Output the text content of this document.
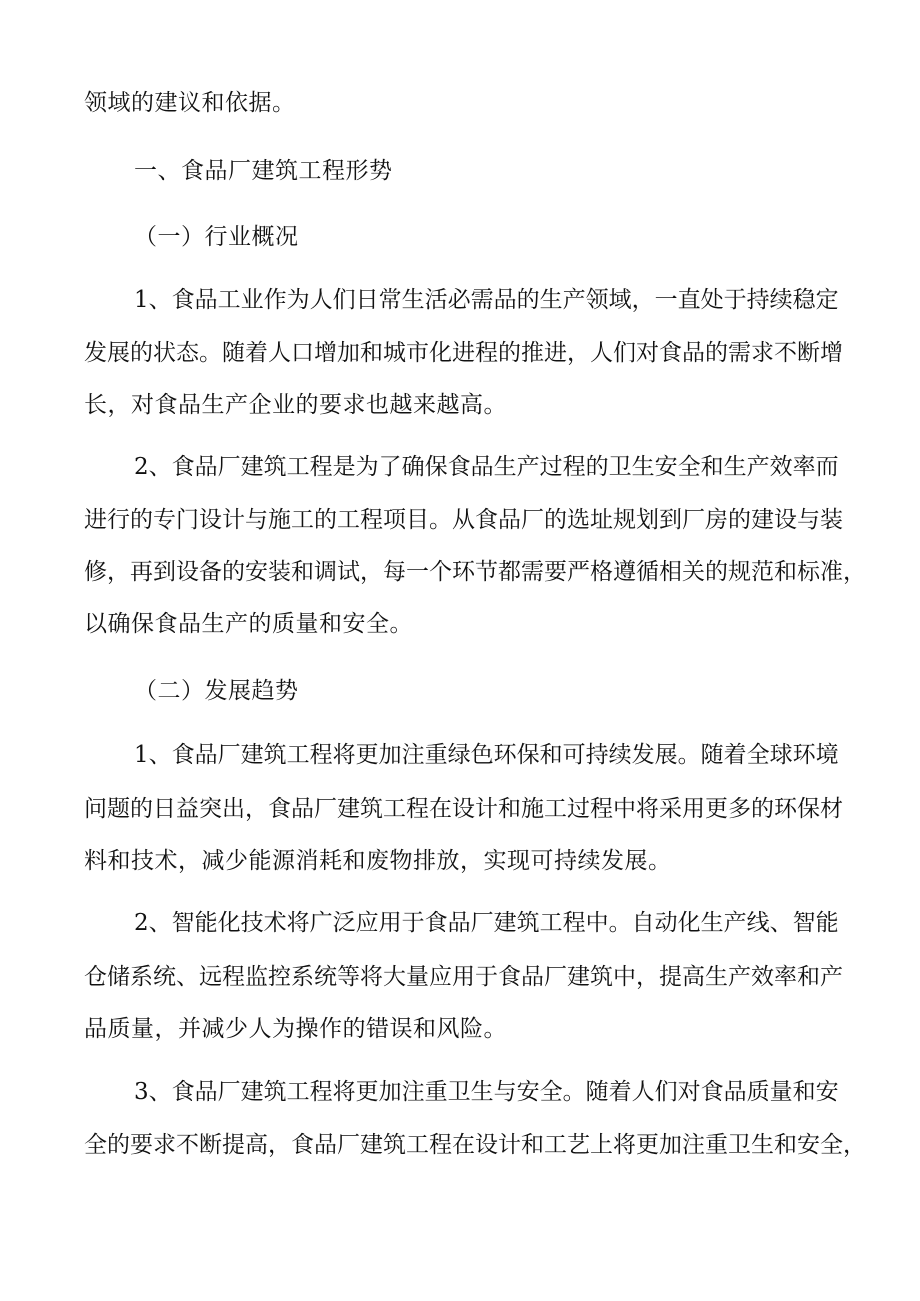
领域的建议和依据。
一、食品厂建筑工程形势
（一）行业概况
1、食品工业作为人们日常生活必需品的生产领域，一直处于持续稳定
发展的状态。随着人口增加和城市化进程的推进，人们对食品的需求不断增
长，对食品生产企业的要求也越来越高。
2、食品厂建筑工程是为了确保食品生产过程的卫生安全和生产效率而
进行的专门设计与施工的工程项目。从食品厂的选址规划到厂房的建设与装
修，再到设备的安装和调试，每一个环节都需要严格遵循相关的规范和标准，
以确保食品生产的质量和安全。
（二）发展趋势
1、食品厂建筑工程将更加注重绿色环保和可持续发展。随着全球环境
问题的日益突出，食品厂建筑工程在设计和施工过程中将采用更多的环保材
料和技术，减少能源消耗和废物排放，实现可持续发展。
2、智能化技术将广泛应用于食品厂建筑工程中。自动化生产线、智能
仓储系统、远程监控系统等将大量应用于食品厂建筑中，提高生产效率和产
品质量，并减少人为操作的错误和风险。
3、食品厂建筑工程将更加注重卫生与安全。随着人们对食品质量和安
全的要求不断提高，食品厂建筑工程在设计和工艺上将更加注重卫生和安全，
